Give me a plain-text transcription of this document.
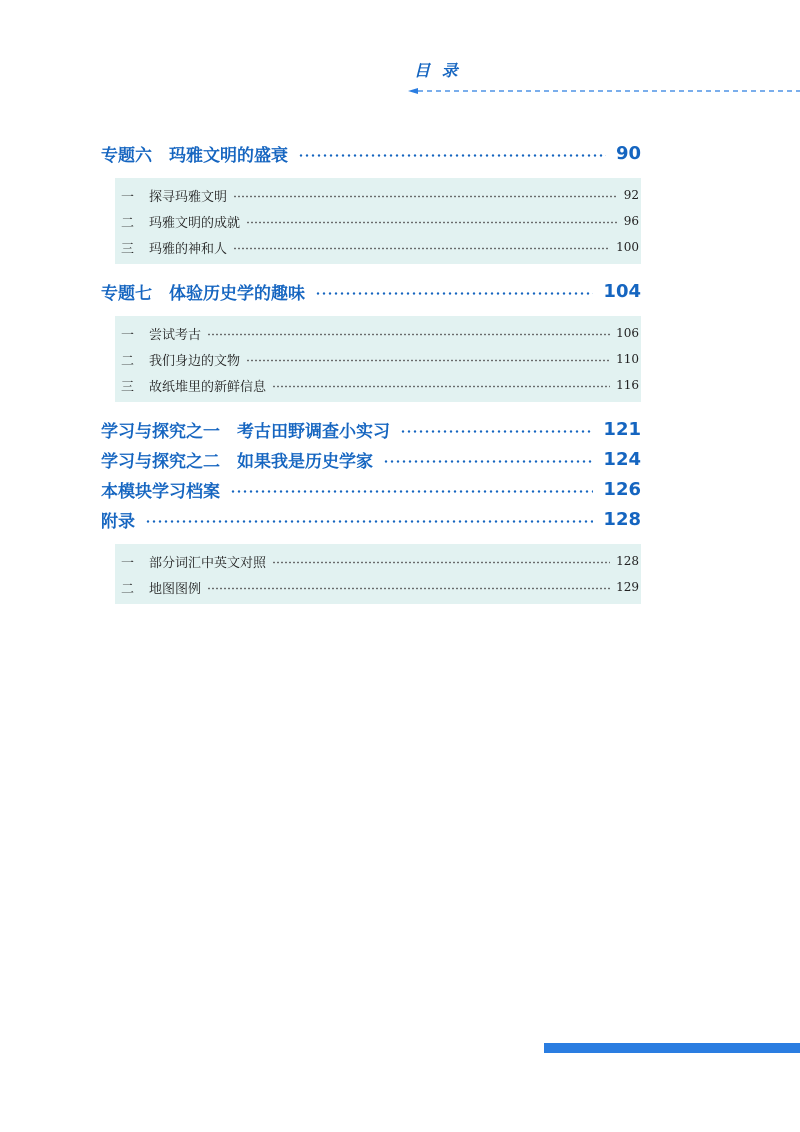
目 录
专题六　玛雅文明的盛衰	90
一	探寻玛雅文明	92
二	玛雅文明的成就	96
三	玛雅的神和人	100
专题七　体验历史学的趣味	104
一	尝试考古	106
二	我们身边的文物	110
三	故纸堆里的新鲜信息	116
学习与探究之一　考古田野调查小实习	121
学习与探究之二　如果我是历史学家	124
本模块学习档案	126
附录	128
一	部分词汇中英文对照	128
二	地图图例	129
